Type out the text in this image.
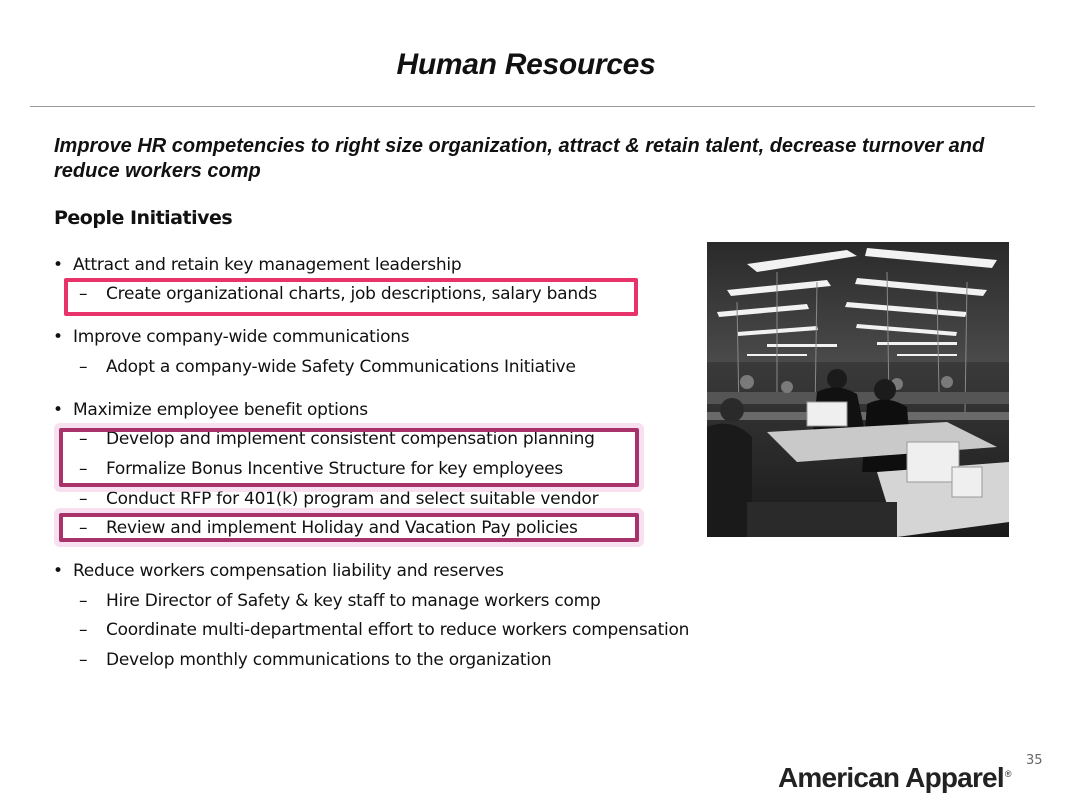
Human Resources
Improve HR competencies to right size organization, attract & retain talent, decrease turnover and reduce workers comp
People Initiatives
• Attract and retain key management leadership
– Create organizational charts, job descriptions, salary bands
• Improve company-wide communications
– Adopt a company-wide Safety Communications Initiative
• Maximize employee benefit options
– Develop and implement consistent compensation planning
– Formalize Bonus Incentive Structure for key employees
– Conduct RFP for 401(k) program and select suitable vendor
– Review and implement Holiday and Vacation Pay policies
• Reduce workers compensation liability and reserves
– Hire Director of Safety & key staff to manage workers comp
– Coordinate multi-departmental effort to reduce workers compensation
– Develop monthly communications to the organization
35
American Apparel®
